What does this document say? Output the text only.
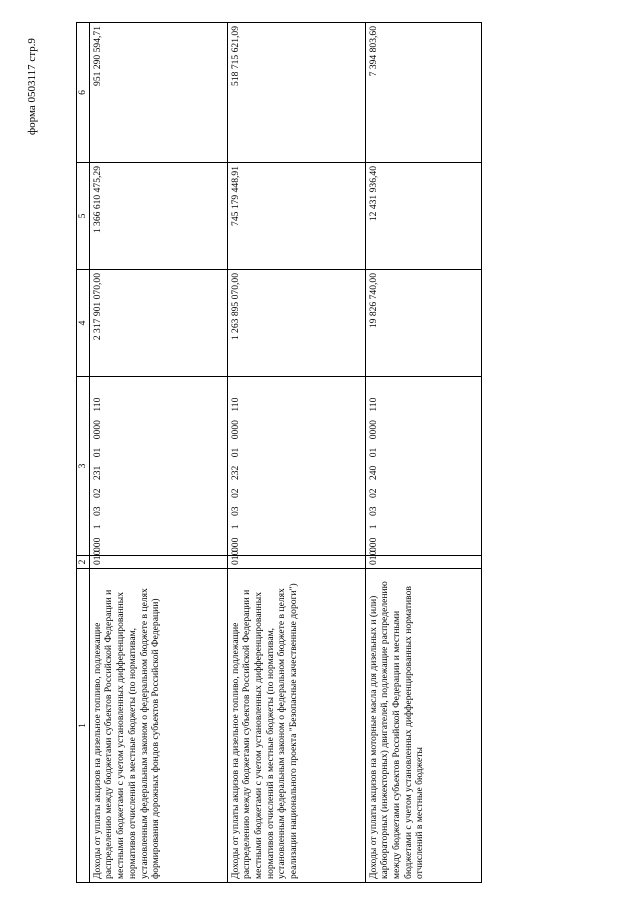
форма 0503117 стр.9
1	2	3	4	5	6
Доходы от уплаты акцизов на дизельное топливо, подлежащие распределению между бюджетами субъектов Российской Федерации и местными бюджетами с учетом установленных дифференцированных нормативов отчислений в местные бюджеты (по нормативам, установленным федеральным законом о федеральном бюджете в целях формирования дорожных фондов субъектов Российской Федерации)	010	000 1 03 02 231 01 0000 110	2 317 901 070,00	1 366 610 475,29	951 290 594,71
Доходы от уплаты акцизов на дизельное топливо, подлежащие распределению между бюджетами субъектов Российской Федерации и местными бюджетами с учетом установленных дифференцированных нормативов отчислений в местные бюджеты (по нормативам, установленным федеральным законом о федеральном бюджете в целях реализации национального проекта "Безопасные качественные дороги")	010	000 1 03 02 232 01 0000 110	1 263 895 070,00	745 179 448,91	518 715 621,09
Доходы от уплаты акцизов на моторные масла для дизельных и (или) карбюраторных (инжекторных) двигателей, подлежащие распределению между бюджетами субъектов Российской Федерации и местными бюджетами с учетом установленных дифференцированных нормативов отчислений в местные бюджеты	010	000 1 03 02 240 01 0000 110	19 826 740,00	12 431 936,40	7 394 803,60
